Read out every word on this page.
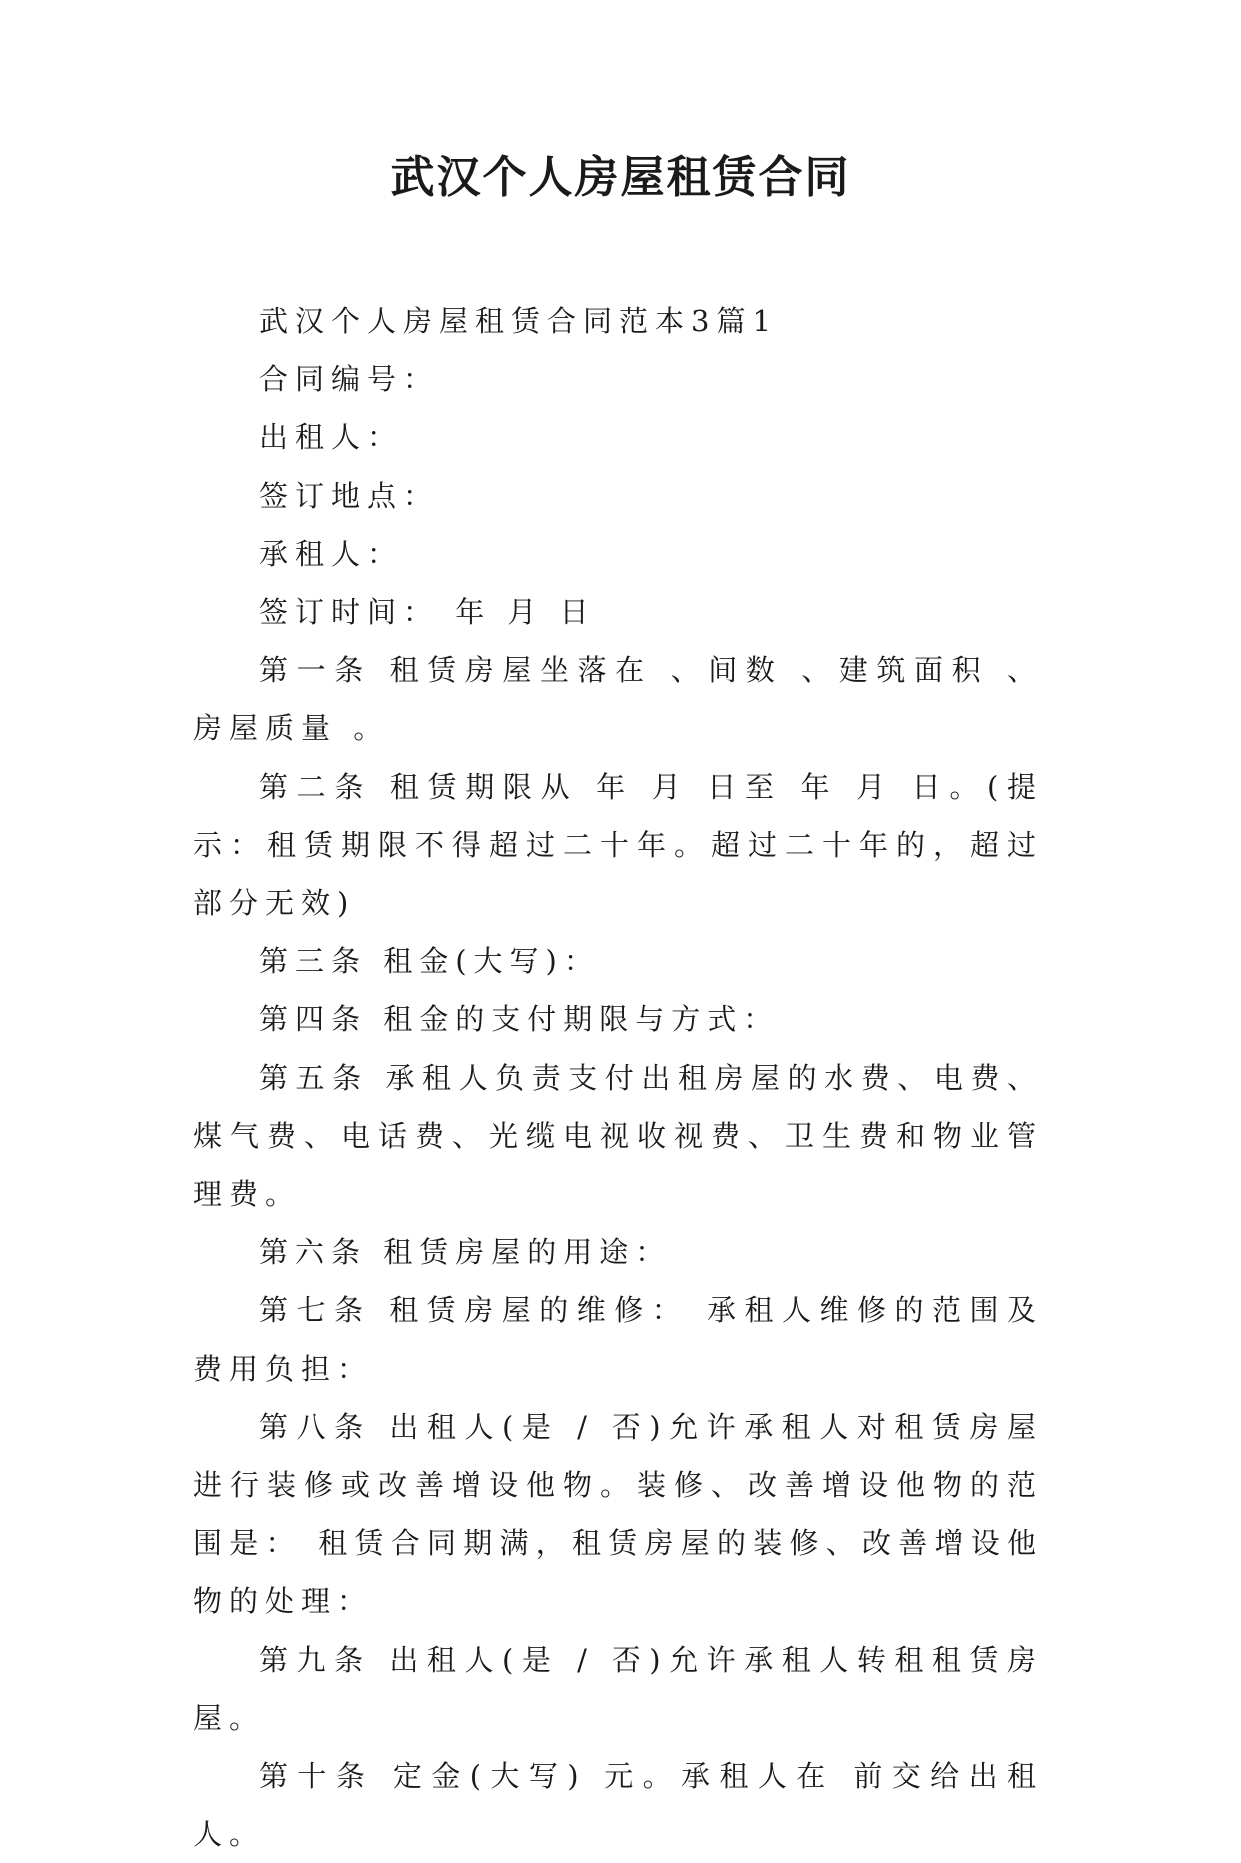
武汉个人房屋租赁合同

武汉个人房屋租赁合同范本3篇1

合同编号：

出租人：

签订地点：

承租人：

签订时间： 年 月 日

第一条 租赁房屋坐落在 、间数 、建筑面积 、房屋质量 。

第二条 租赁期限从 年 月 日至 年 月 日。(提示：租赁期限不得超过二十年。超过二十年的，超过部分无效)

第三条 租金(大写)：

第四条 租金的支付期限与方式：

第五条 承租人负责支付出租房屋的水费、电费、煤气费、电话费、光缆电视收视费、卫生费和物业管理费。

第六条 租赁房屋的用途：

第七条 租赁房屋的维修： 承租人维修的范围及费用负担：

第八条 出租人(是 / 否)允许承租人对租赁房屋进行装修或改善增设他物。装修、改善增设他物的范围是： 租赁合同期满，租赁房屋的装修、改善增设他物的处理：

第九条 出租人(是 / 否)允许承租人转租租赁房屋。

第十条 定金(大写) 元。承租人在 前交给出租人。
